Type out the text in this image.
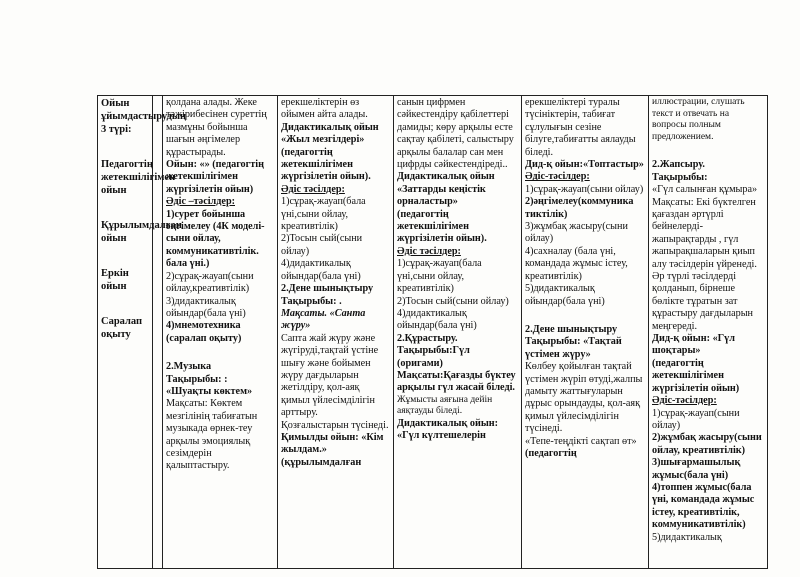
Ойын ұйымдастырудың 3 түрі:

Педагогтің жетекшілігімен ойын

Құрылымдалған ойын

Еркін ойын

Саралап оқыту

қолдана алады. Жеке тәжірибесінен суреттің мазмұны бойынша шағын әңгімелер құрастырады.
Ойын: «» (педагогтің жетекшілігімен жүргізілетін ойын)
Әдіс –тәсілдер:
1)сурет бойынша әңгімелеу (4К моделі-сыни ойлау, коммуникативтілік. бала үні.)
2)сұрақ-жауап(сыни ойлау,креативтілік)
3)дидактикалық ойындар(бала үні)
4)мнемотехника (саралап оқыту)
2.Музыка
Тақырыбы: : «Шуақты көктем»
Мақсаты: Көктем мезгілінің табиғатын музыкада өрнек-теу арқылы эмоциялық сезімдерін қалыптастыру.

ерекшеліктерін өз ойымен айта алады.
Дидактикалық ойын «Жыл мезгілдері»
(педагогтің жетекшілігімен жүргізілетін ойын).
Әдіс тәсілдер:
1)сұрақ-жауап(бала үні,сыни ойлау, креативтілік)
2)Тосын сый(сыни ойлау)
4)дидактикалық ойындар(бала үні)
2.Дене шынықтыру Тақырыбы: .
Мақсаты. «Санта жүру»
Сапта жай жүру және жүгіруді,тақтай үстіне шығу және бойымен жүру дағдыларын жетілдіру, қол-аяқ қимыл үйлесімділігін арттыру.
Қозғалыстарын түсінеді.
Қимылды ойын: «Кім жылдам.»
(құрылымдалған

санын цифрмен сәйкестендіру қабілеттері дамиды; көру арқылы есте сақтау қабілеті, салыстыру арқылы балалар сан мен цифрды сәйкестендіреді..
Дидактикалық ойын «Заттарды кеңістік орналастыр»
(педагогтің жетекшілігімен жүргізілетін ойын).
Әдіс тәсілдер:
1)сұрақ-жауап(бала үні,сыни ойлау, креативтілік)
2)Тосын сый(сыни ойлау)
4)дидактикалық ойындар(бала үні)
2.Құрастыру.
Тақырыбы:Гүл (оригами)
Мақсаты:Қағазды бүктеу арқылы гүл жасай біледі.
Жұмысты аяғына дейін аяқтауды біледі.
Дидактикалық ойын: «Гүл күлтешелерін

ерекшеліктері туралы түсініктерін, табиғат сұлулығын сезіне білуге,табиғатты аялауды біледі.
Дид-қ ойын:«Топтастыр»
Әдіс-тәсілдер:
1)сұрақ-жауап(сыни ойлау)
2)әңгімелеу(коммуника тиктілік)
3)жұмбақ жасыру(сыни ойлау)
4)сахналау (бала үні, командада жұмыс істеу, креативтілік)
5)дидактикалық ойындар(бала үні)
2.Дене шынықтыру Тақырыбы: «Тақтай үстімен жүру»
Көлбеу қойылған тақтай үстімен жүріп өтуді,жалпы дамыту жаттығуларын дұрыс орындауды, қол-аяқ қимыл үйлесімділігін түсінеді.
«Тепе-теңдікті сақтап өт»
(педагогтің

иллюстрации, слушать текст и отвечать на вопросы полным предложением.
2.Жапсыру.
Тақырыбы:
«Гүл салынған құмыра»
Мақсаты: Екі бүктелген қағаздан әртүрлі бейнелерді-жапырақтарды , гүл жапырақшаларын қиып алу тәсілдерін үйренеді. Әр түрлі тәсілдерді қолданып, бірнеше бөлікте тұратын зат құрастыру дағдыларын меңгереді.
Дид-қ ойын: «Гүл шоқтары»
(педагогтің жетекшілігімен жүргізілетін ойын)
Әдіс-тәсілдер:
1)сұрақ-жауап(сыни ойлау)
2)жұмбақ жасыру(сыни ойлау, креативтілік)
3)шығармашылық жұмыс(бала үні)
4)топпен жұмыс(бала үні, командада жұмыс істеу, креативтілік, коммуникативтілік)
5)дидактикалық
